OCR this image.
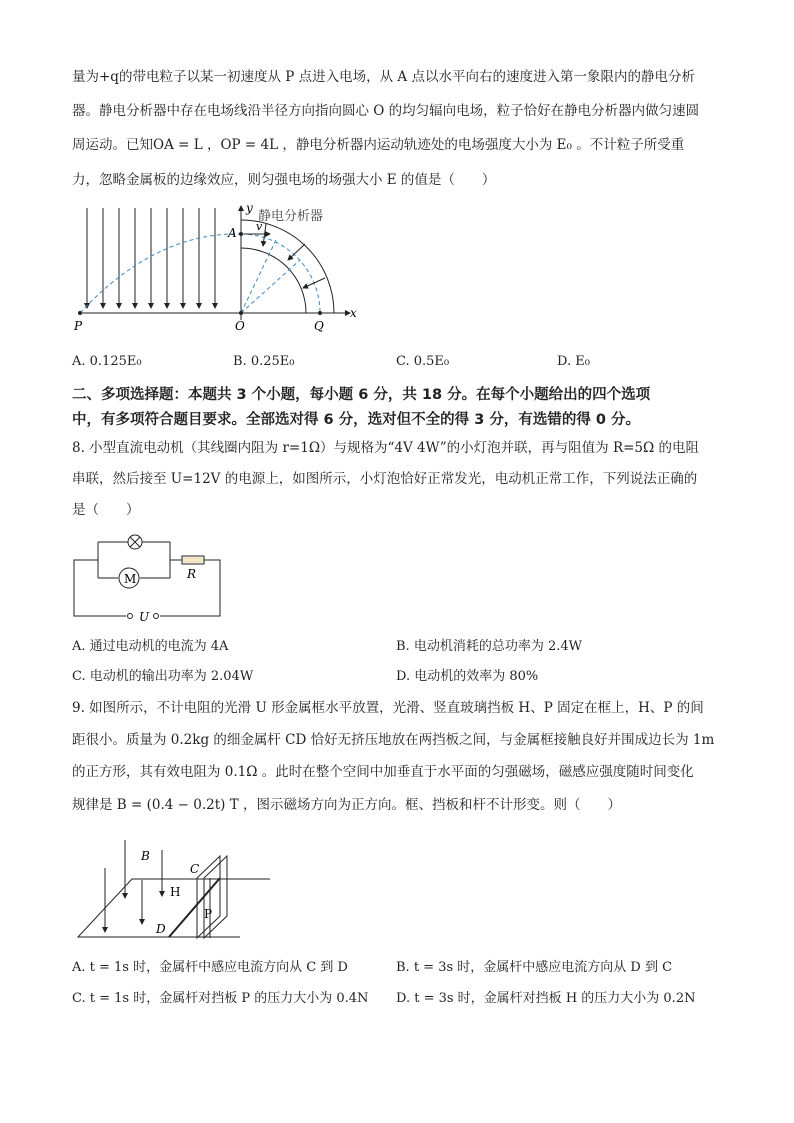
量为+q的带电粒子以某一初速度从 P 点进入电场，从 A 点以水平向右的速度进入第一象限内的静电分析
器。静电分析器中存在电场线沿半径方向指向圆心 O 的均匀辐向电场，粒子恰好在静电分析器内做匀速圆
周运动。已知OA = L ，OP = 4L ，静电分析器内运动轨迹处的电场强度大小为 E₀ 。不计粒子所受重
力，忽略金属板的边缘效应，则匀强电场的场强大小 E 的值是（　　）
静电分析器
y
x
A v
P	O	Q
A. 0.125E₀	B. 0.25E₀	C. 0.5E₀	D. E₀
二、多项选择题：本题共 3 个小题，每小题 6 分，共 18 分。在每个小题给出的四个选项
中，有多项符合题目要求。全部选对得 6 分，选对但不全的得 3 分，有选错的得 0 分。
8. 小型直流电动机（其线圈内阻为 r=1Ω）与规格为“4V 4W”的小灯泡并联，再与阻值为 R=5Ω 的电阻
串联，然后接至 U=12V 的电源上，如图所示，小灯泡恰好正常发光，电动机正常工作，下列说法正确的
是（　　）
M	R
U
A. 通过电动机的电流为 4A	B. 电动机消耗的总功率为 2.4W
C. 电动机的输出功率为 2.04W	D. 电动机的效率为 80%
9. 如图所示，不计电阻的光滑 U 形金属框水平放置，光滑、竖直玻璃挡板 H、P 固定在框上，H、P 的间
距很小。质量为 0.2kg 的细金属杆 CD 恰好无挤压地放在两挡板之间，与金属框接触良好并围成边长为 1m
的正方形，其有效电阻为 0.1Ω 。此时在整个空间中加垂直于水平面的匀强磁场，磁感应强度随时间变化
规律是 B = (0.4 − 0.2t) T ，图示磁场方向为正方向。框、挡板和杆不计形变。则（　　）
B
C
H
P
D
A. t = 1s 时，金属杆中感应电流方向从 C 到 D	B. t = 3s 时，金属杆中感应电流方向从 D 到 C
C. t = 1s 时，金属杆对挡板 P 的压力大小为 0.4N D. t = 3s 时，金属杆对挡板 H 的压力大小为 0.2N
